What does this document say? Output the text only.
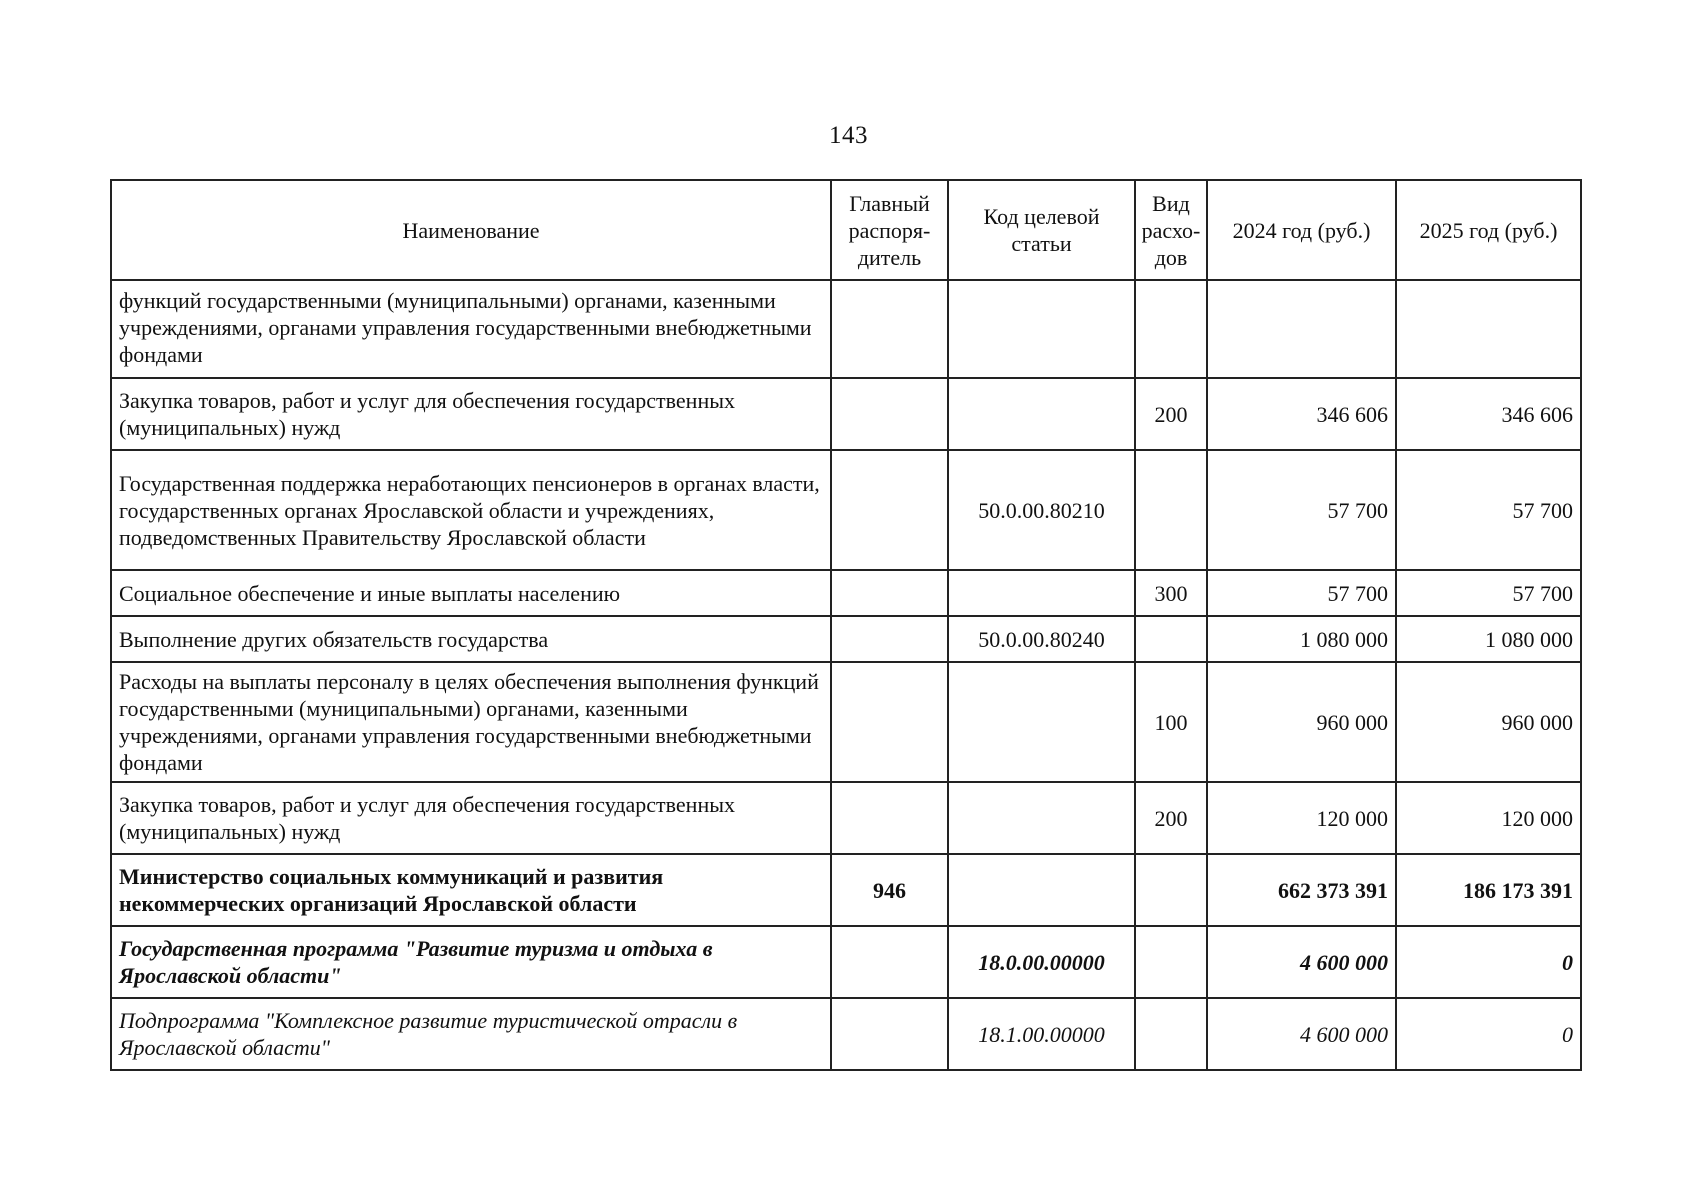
143
Наименование	Главный распоря-дитель	Код целевой статьи	Вид расхо-дов	2024 год (руб.)	2025 год (руб.)
функций государственными (муниципальными) органами, казенными учреждениями, органами управления государственными внебюджетными фондами					
Закупка товаров, работ и услуг для обеспечения государственных (муниципальных) нужд			200	346 606	346 606
Государственная поддержка неработающих пенсионеров в органах власти, государственных органах Ярославской области и учреждениях, подведомственных Правительству Ярославской области		50.0.00.80210		57 700	57 700
Социальное обеспечение и иные выплаты населению			300	57 700	57 700
Выполнение других обязательств государства		50.0.00.80240		1 080 000	1 080 000
Расходы на выплаты персоналу в целях обеспечения выполнения функций государственными (муниципальными) органами, казенными учреждениями, органами управления государственными внебюджетными фондами			100	960 000	960 000
Закупка товаров, работ и услуг для обеспечения государственных (муниципальных) нужд			200	120 000	120 000
Министерство социальных коммуникаций и развития некоммерческих организаций Ярославской области	946			662 373 391	186 173 391
Государственная программа "Развитие туризма и отдыха в Ярославской области"		18.0.00.00000		4 600 000	0
Подпрограмма "Комплексное развитие туристической отрасли в Ярославской области"		18.1.00.00000		4 600 000	0
